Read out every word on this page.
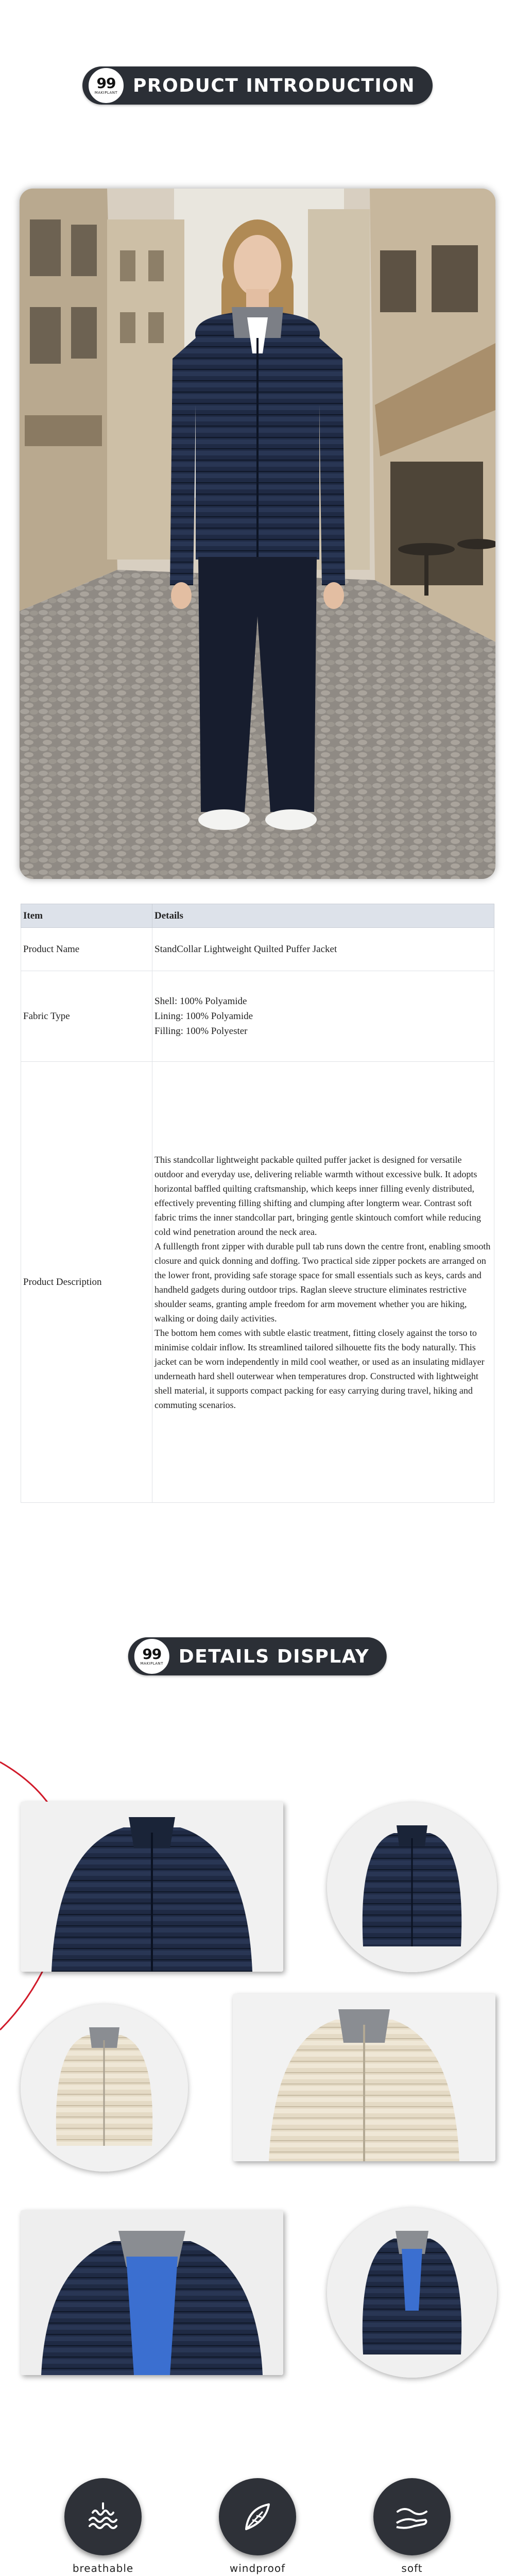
99
MAKIPLANT PRODUCT INTRODUCTION
Item	Details
Product Name	StandCollar Lightweight Quilted Puffer Jacket
Fabric Type	Shell: 100% Polyamide
Lining: 100% Polyamide
Filling: 100% Polyester

Product Description	This standcollar lightweight packable quilted puffer jacket is designed for versatile outdoor and everyday use, delivering reliable warmth without excessive bulk. It adopts horizontal baffled quilting craftsmanship, which keeps inner filling evenly distributed, effectively preventing filling shifting and clumping after longterm wear. Contrast soft fabric trims the inner standcollar part, bringing gentle skintouch comfort while reducing cold wind penetration around the neck area.

A fulllength front zipper with durable pull tab runs down the centre front, enabling smooth closure and quick donning and doffing. Two practical side zipper pockets are arranged on the lower front, providing safe storage space for small essentials such as keys, cards and handheld gadgets during outdoor trips. Raglan sleeve structure eliminates restrictive shoulder seams, granting ample freedom for arm movement whether you are hiking, walking or doing daily activities.

The bottom hem comes with subtle elastic treatment, fitting closely against the torso to minimise coldair inflow. Its streamlined tailored silhouette fits the body naturally. This jacket can be worn independently in mild cool weather, or used as an insulating midlayer underneath hard shell outerwear when temperatures drop. Constructed with lightweight shell material, it supports compact packing for easy carrying during travel, hiking and commuting scenarios.

99
MAKIPLANT DETAILS DISPLAY
breathable	windproof	soft
